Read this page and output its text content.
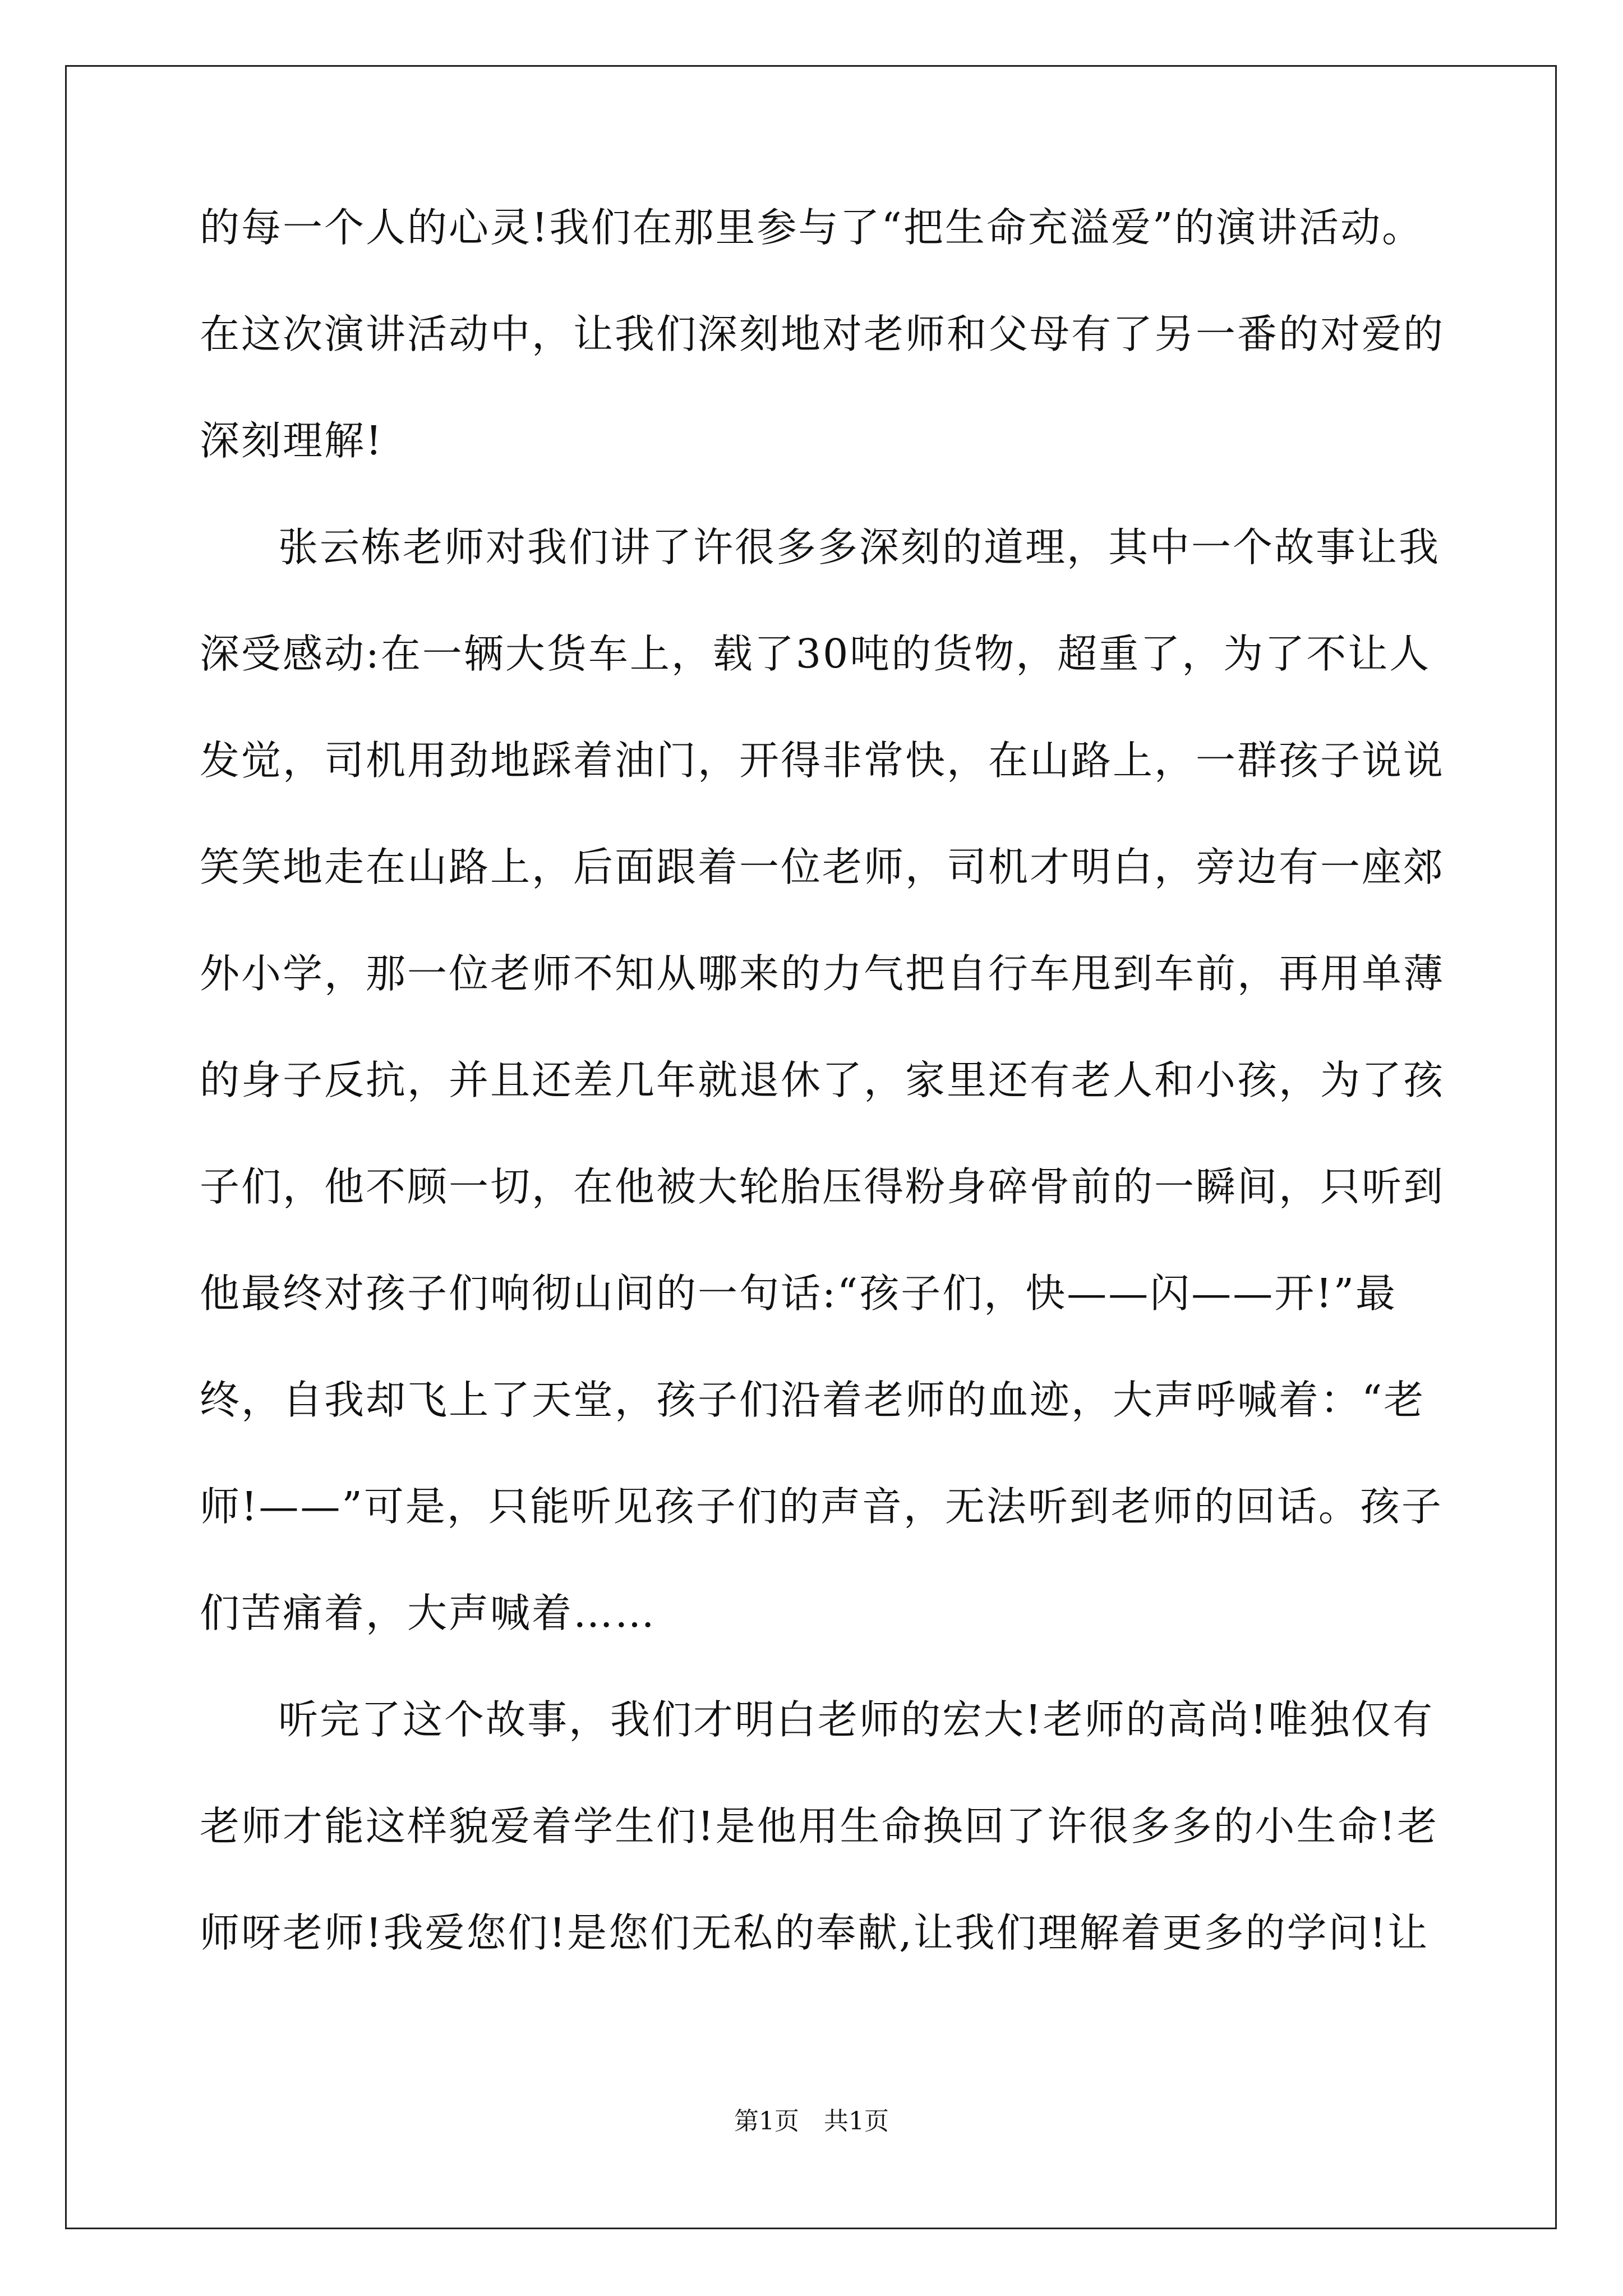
的每一个人的心灵!我们在那里参与了“把生命充溢爱”的演讲活动。
在这次演讲活动中，让我们深刻地对老师和父母有了另一番的对爱的
深刻理解!
张云栋老师对我们讲了许很多多深刻的道理，其中一个故事让我
深受感动:在一辆大货车上，载了30吨的货物，超重了，为了不让人
发觉，司机用劲地踩着油门，开得非常快，在山路上，一群孩子说说
笑笑地走在山路上，后面跟着一位老师，司机才明白，旁边有一座郊
外小学，那一位老师不知从哪来的力气把自行车甩到车前，再用单薄
的身子反抗，并且还差几年就退休了，家里还有老人和小孩，为了孩
子们，他不顾一切，在他被大轮胎压得粉身碎骨前的一瞬间，只听到
他最终对孩子们响彻山间的一句话:“孩子们，快——闪——开!”最
终，自我却飞上了天堂，孩子们沿着老师的血迹，大声呼喊着：“老
师!——”可是，只能听见孩子们的声音，无法听到老师的回话。孩子
们苦痛着，大声喊着……
听完了这个故事，我们才明白老师的宏大!老师的高尚!唯独仅有
老师才能这样貌爱着学生们!是他用生命换回了许很多多的小生命!老
师呀老师!我爱您们!是您们无私的奉献,让我们理解着更多的学问!让
第1页　共1页
